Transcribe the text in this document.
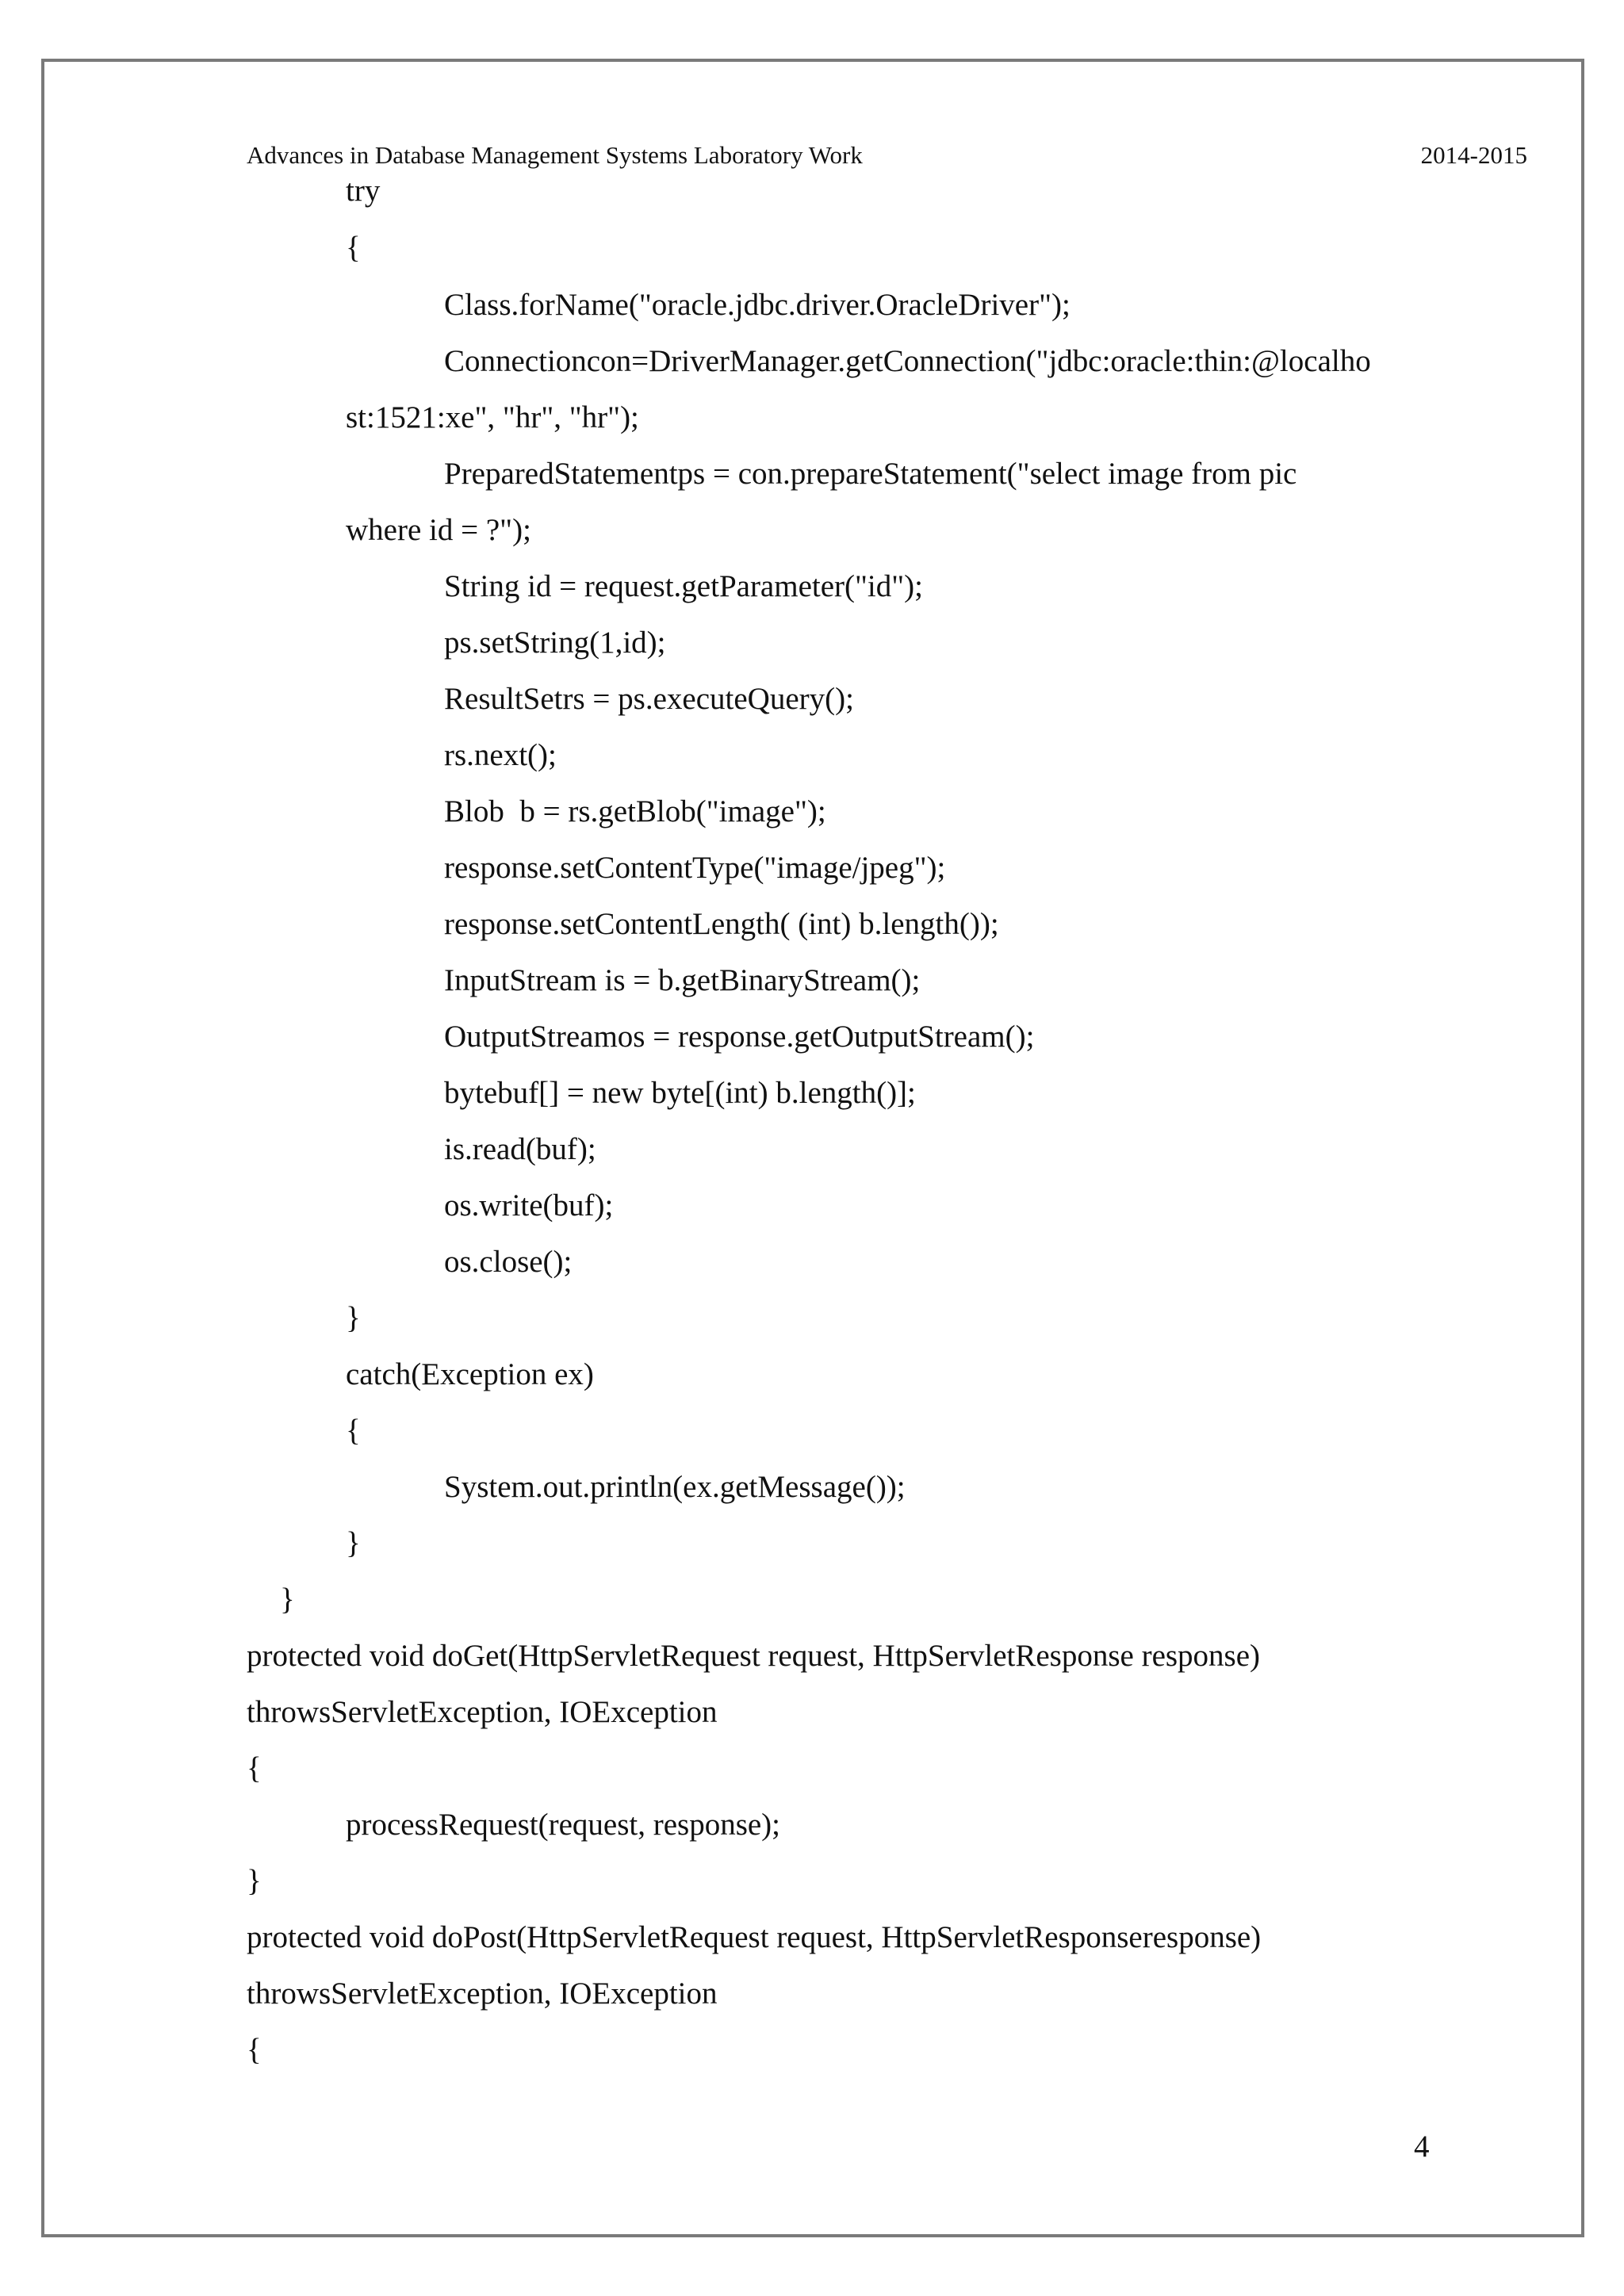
Advances in Database Management Systems Laboratory Work	2014-2015
try
{
Class.forName("oracle.jdbc.driver.OracleDriver");
Connectioncon=DriverManager.getConnection("jdbc:oracle:thin:@localho
st:1521:xe", "hr", "hr");
PreparedStatementps = con.prepareStatement("select image from pic
where id = ?");
String id = request.getParameter("id");
ps.setString(1,id);
ResultSetrs = ps.executeQuery();
rs.next();
Blob  b = rs.getBlob("image");
response.setContentType("image/jpeg");
response.setContentLength( (int) b.length());
InputStream is = b.getBinaryStream();
OutputStreamos = response.getOutputStream();
bytebuf[] = new byte[(int) b.length()];
is.read(buf);
os.write(buf);
os.close();
}
catch(Exception ex)
{
System.out.println(ex.getMessage());
}
}
protected void doGet(HttpServletRequest request, HttpServletResponse response)
throwsServletException, IOException
{
processRequest(request, response);
}
protected void doPost(HttpServletRequest request, HttpServletResponseresponse)
throwsServletException, IOException
{
4
